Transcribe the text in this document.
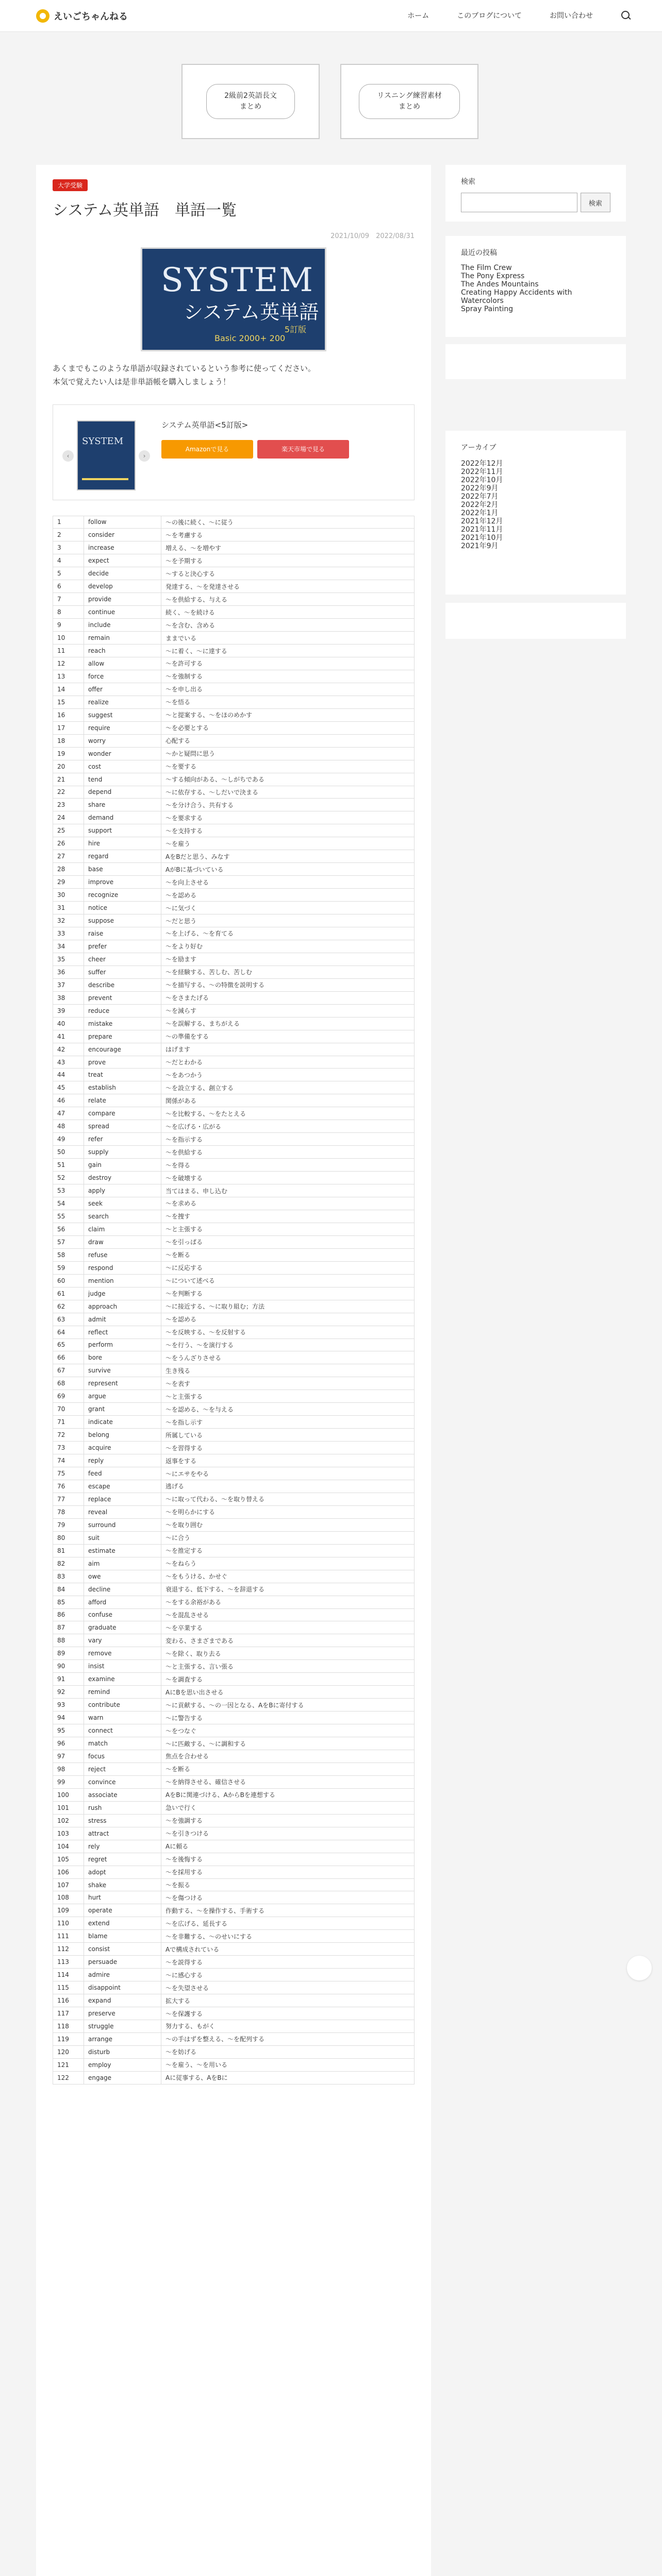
えいごちゃんねる	ホーム	このブログについて	お問い合わせ
2級前2英語長文
まとめ
リスニング練習素材
まとめ
大学受験
システム英単語　単語一覧
2021/10/09　2022/08/31
SYSTEM
システム英単語
5訂版
Basic 2000+ 200

あくまでもこのような単語が収録されているという参考に使ってください。

本気で覚えたい人は是非単語帳を購入しましょう！

‹ SYSTEM	›
システム英単語<5訂版>
Amazonで見る	楽天市場で見る
1	follow	〜の後に続く、〜に従う
2	consider	〜を考慮する
3	increase	増える、〜を増やす
4	expect	〜を予期する
5	decide	〜すると決心する
6	develop	発達する、〜を発達させる
7	provide	〜を供給する、与える
8	continue	続く、〜を続ける
9	include	〜を含む、含める
10	remain	ままでいる
11	reach	〜に着く、〜に達する
12	allow	〜を許可する
13	force	〜を強制する
14	offer	〜を申し出る
15	realize	〜を悟る
16	suggest	〜と提案する、〜をほのめかす
17	require	〜を必要とする
18	worry	心配する
19	wonder	〜かと疑問に思う
20	cost	〜を要する
21	tend	〜する傾向がある、〜しがちである
22	depend	〜に依存する、〜しだいで決まる
23	share	〜を分け合う、共有する
24	demand	〜を要求する
25	support	〜を支持する
26	hire	〜を雇う
27	regard	AをBだと思う、みなす
28	base	AがBに基づいている
29	improve	〜を向上させる
30	recognize	〜を認める
31	notice	〜に気づく
32	suppose	〜だと思う
33	raise	〜を上げる、〜を育てる
34	prefer	〜をより好む
35	cheer	〜を励ます
36	suffer	〜を経験する、苦しむ、苦しむ
37	describe	〜を描写する、〜の特徴を説明する
38	prevent	〜をさまたげる
39	reduce	〜を減らす
40	mistake	〜を誤解する、まちがえる
41	prepare	〜の準備をする
42	encourage	はげます
43	prove	〜だとわかる
44	treat	〜をあつかう
45	establish	〜を設立する、創立する
46	relate	関係がある
47	compare	〜を比較する、〜をたとえる
48	spread	〜を広げる・広がる
49	refer	〜を指示する
50	supply	〜を供給する
51	gain	〜を得る
52	destroy	〜を破壊する
53	apply	当てはまる、申し込む
54	seek	〜を求める
55	search	〜を捜す
56	claim	〜と主張する
57	draw	〜を引っぱる
58	refuse	〜を断る
59	respond	〜に反応する
60	mention	〜について述べる
61	judge	〜を判断する
62	approach	〜に接近する、〜に取り組む；方法
63	admit	〜を認める
64	reflect	〜を反映する、〜を反射する
65	perform	〜を行う、〜を演行する
66	bore	〜をうんざりさせる
67	survive	生き残る
68	represent	〜を表す
69	argue	〜と主張する
70	grant	〜を認める、〜を与える
71	indicate	〜を指し示す
72	belong	所属している
73	acquire	〜を習得する
74	reply	返事をする
75	feed	〜にエサをやる
76	escape	逃げる
77	replace	〜に取って代わる、〜を取り替える
78	reveal	〜を明らかにする
79	surround	〜を取り囲む
80	suit	〜に合う
81	estimate	〜を推定する
82	aim	〜をねらう
83	owe	〜をもうける、かせぐ
84	decline	衰退する、低下する、〜を辞退する
85	afford	〜をする余裕がある
86	confuse	〜を混乱させる
87	graduate	〜を卒業する
88	vary	変わる、さまざまである
89	remove	〜を除く、取り去る
90	insist	〜と主張する、言い張る
91	examine	〜を調査する
92	remind	AにBを思い出させる
93	contribute	〜に貢献する、〜の一因となる、AをBに寄付する
94	warn	〜に警告する
95	connect	〜をつなぐ
96	match	〜に匹敵する、〜に調和する
97	focus	焦点を合わせる
98	reject	〜を断る
99	convince	〜を納得させる、確信させる
100	associate	AをBに関連づける、AからBを連想する
101	rush	急いで行く
102	stress	〜を強調する
103	attract	〜を引きつける
104	rely	Aに頼る
105	regret	〜を後悔する
106	adopt	〜を採用する
107	shake	〜を振る
108	hurt	〜を傷つける
109	operate	作動する、〜を操作する、手術する
110	extend	〜を広げる、延長する
111	blame	〜を非難する、〜のせいにする
112	consist	Aで構成されている
113	persuade	〜を説得する
114	admire	〜に感心する
115	disappoint	〜を失望させる
116	expand	拡大する
117	preserve	〜を保護する
118	struggle	努力する、もがく
119	arrange	〜の手はずを整える、〜を配列する
120	disturb	〜を妨げる
121	employ	〜を雇う、〜を用いる
122	engage	Aに従事する、AをBに
検索
検索
最近の投稿
The Film Crew
The Pony Express
The Andes Mountains
Creating Happy Accidents with
Watercolors
Spray Painting
アーカイブ
2022年12月
2022年11月
2022年10月
2022年9月
2022年7月
2022年2月
2022年1月
2021年12月
2021年11月
2021年10月
2021年9月
